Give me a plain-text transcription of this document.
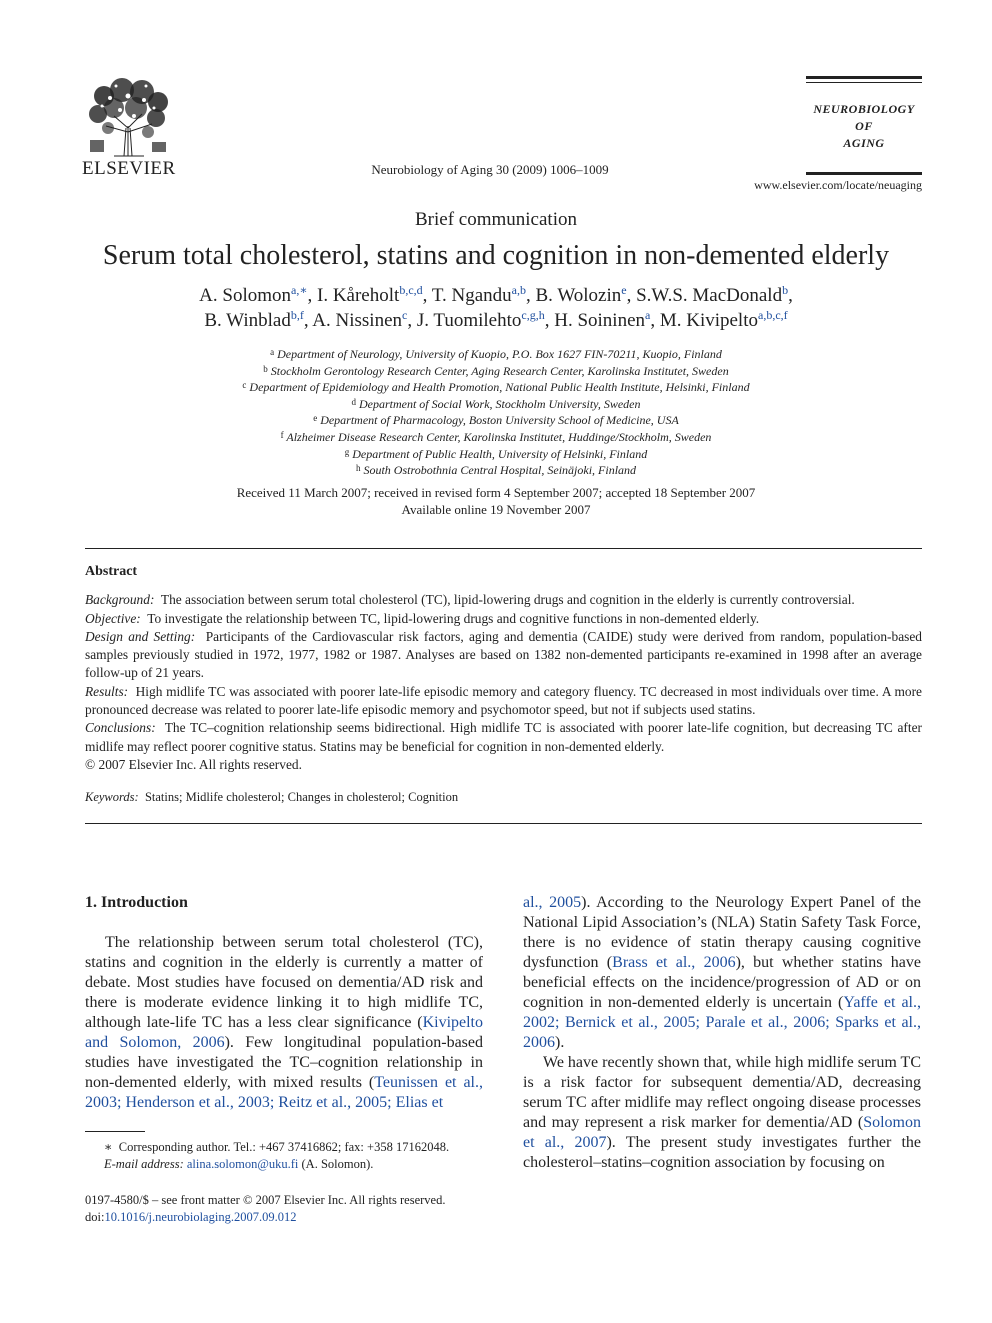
ELSEVIER	Neurobiology of Aging 30 (2009) 1006–1009
NEUROBIOLOGY
OF
AGING
www.elsevier.com/locate/neuaging
Brief communication
Serum total cholesterol, statins and cognition in non-demented elderly
A. Solomon$^{a,∗}$, I. Kåreholt$^{b,c,d}$, T. Ngandu$^{a,b}$, B. Wolozin$^e$, S.W.S. MacDonald$^b$,
B. Winblad$^{b,f}$, A. Nissinen$^c$, J. Tuomilehto$^{c,g,h}$, H. Soininen$^a$, M. Kivipelto$^{a,b,c,f}$
$^a$ Department of Neurology, University of Kuopio, P.O. Box 1627 FIN-70211, Kuopio, Finland
$^b$ Stockholm Gerontology Research Center, Aging Research Center, Karolinska Institutet, Sweden
$^c$ Department of Epidemiology and Health Promotion, National Public Health Institute, Helsinki, Finland
$^d$ Department of Social Work, Stockholm University, Sweden
$^e$ Department of Pharmacology, Boston University School of Medicine, USA
$^f$ Alzheimer Disease Research Center, Karolinska Institutet, Huddinge/Stockholm, Sweden
$^g$ Department of Public Health, University of Helsinki, Finland
$^h$ South Ostrobothnia Central Hospital, Seinäjoki, Finland
Received 11 March 2007; received in revised form 4 September 2007; accepted 18 September 2007
Available online 19 November 2007
Abstract

Background: The association between serum total cholesterol (TC), lipid-lowering drugs and cognition in the elderly is currently controversial.

Objective: To investigate the relationship between TC, lipid-lowering drugs and cognitive functions in non-demented elderly.

Design and Setting: Participants of the Cardiovascular risk factors, aging and dementia (CAIDE) study were derived from random, population-based samples previously studied in 1972, 1977, 1982 or 1987. Analyses are based on 1382 non-demented participants re-examined in 1998 after an average follow-up of 21 years.

Results: High midlife TC was associated with poorer late-life episodic memory and category fluency. TC decreased in most individuals over time. A more pronounced decrease was related to poorer late-life episodic memory and psychomotor speed, but not if subjects used statins.

Conclusions: The TC–cognition relationship seems bidirectional. High midlife TC is associated with poorer late-life cognition, but decreasing TC after midlife may reflect poorer cognitive status. Statins may be beneficial for cognition in non-demented elderly.

© 2007 Elsevier Inc. All rights reserved.

Keywords: Statins; Midlife cholesterol; Changes in cholesterol; Cognition
1. Introduction

The relationship between serum total cholesterol (TC), statins and cognition in the elderly is currently a matter of debate. Most studies have focused on dementia/AD risk and there is moderate evidence linking it to high midlife TC, although late-life TC has a less clear significance (Kivipelto and Solomon, 2006). Few longitudinal population-based studies have investigated the TC–cognition relationship in non-demented elderly, with mixed results (Teunissen et al., 2003; Henderson et al., 2003; Reitz et al., 2005; Elias et

al., 2005). According to the Neurology Expert Panel of the National Lipid Association’s (NLA) Statin Safety Task Force, there is no evidence of statin therapy causing cognitive dysfunction (Brass et al., 2006), but whether statins have beneficial effects on the incidence/progression of AD or on cognition in non-demented elderly is uncertain (Yaffe et al., 2002; Bernick et al., 2005; Parale et al., 2006; Sparks et al., 2006).

We have recently shown that, while high midlife serum TC is a risk factor for subsequent dementia/AD, decreasing serum TC after midlife may reflect ongoing disease processes and may represent a risk marker for dementia/AD (Solomon et al., 2007). The present study investigates further the cholesterol–statins–cognition association by focusing on

∗ Corresponding author. Tel.: +467 37416862; fax: +358 17162048.
E-mail address: alina.solomon@uku.fi (A. Solomon).
0197-4580/$ – see front matter © 2007 Elsevier Inc. All rights reserved.
doi:10.1016/j.neurobiolaging.2007.09.012
